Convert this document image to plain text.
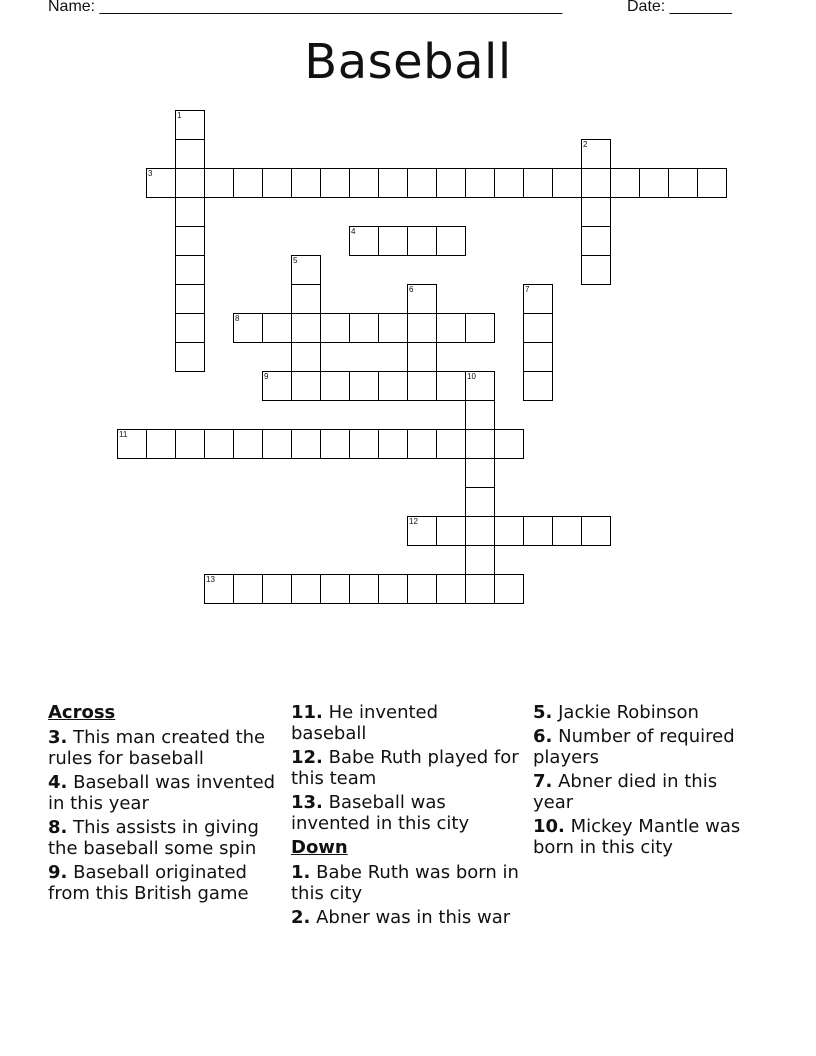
Name: ____________________________________________________	Date: _______
Baseball
1
2
3
4
5
6	7
8
9	10
11
12
13
Across
3. This man created the rules for baseball
4. Baseball was invented in this year
8. This assists in giving the baseball some spin
9. Baseball originated from this British game
11. He invented baseball
12. Babe Ruth played for this team
13. Baseball was invented in this city
Down
1. Babe Ruth was born in this city
2. Abner was in this war
5. Jackie Robinson
6. Number of required players
7. Abner died in this year
10. Mickey Mantle was born in this city
